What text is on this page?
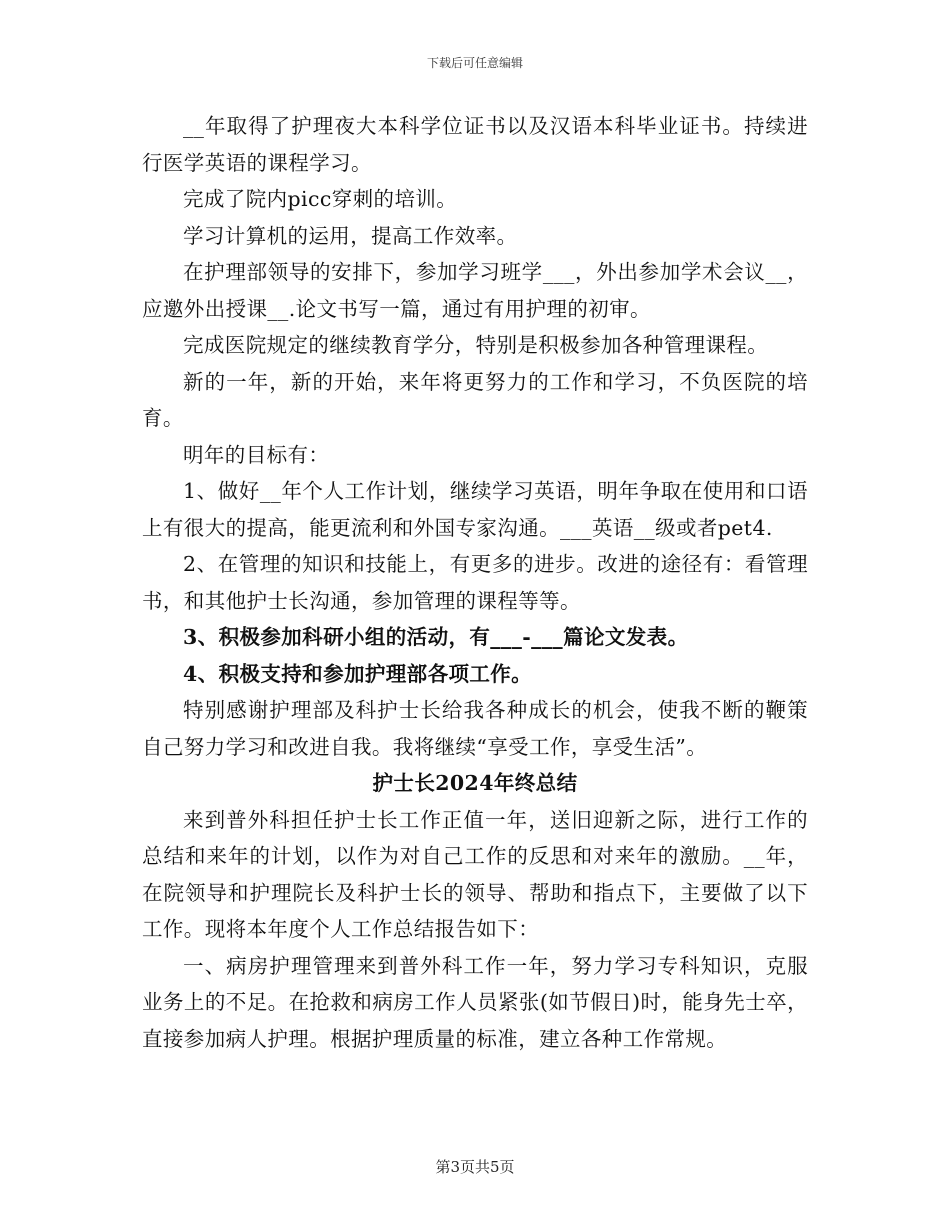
下载后可任意编辑

__年取得了护理夜大本科学位证书以及汉语本科毕业证书。持续进行医学英语的课程学习。

完成了院内picc穿刺的培训。

学习计算机的运用，提高工作效率。

在护理部领导的安排下，参加学习班学___，外出参加学术会议__，应邀外出授课__.论文书写一篇，通过有用护理的初审。

完成医院规定的继续教育学分，特别是积极参加各种管理课程。

新的一年，新的开始，来年将更努力的工作和学习，不负医院的培育。

明年的目标有：

1、做好__年个人工作计划，继续学习英语，明年争取在使用和口语上有很大的提高，能更流利和外国专家沟通。___英语__级或者pet4.

2、在管理的知识和技能上，有更多的进步。改进的途径有：看管理书，和其他护士长沟通，参加管理的课程等等。

3、积极参加科研小组的活动，有___-___篇论文发表。

4、积极支持和参加护理部各项工作。

特别感谢护理部及科护士长给我各种成长的机会，使我不断的鞭策自己努力学习和改进自我。我将继续“享受工作，享受生活”。

护士长2024年终总结

来到普外科担任护士长工作正值一年，送旧迎新之际，进行工作的总结和来年的计划，以作为对自己工作的反思和对来年的激励。__年，在院领导和护理院长及科护士长的领导、帮助和指点下，主要做了以下工作。现将本年度个人工作总结报告如下：

一、病房护理管理来到普外科工作一年，努力学习专科知识，克服业务上的不足。在抢救和病房工作人员紧张(如节假日)时，能身先士卒，直接参加病人护理。根据护理质量的标准，建立各种工作常规。

第3页共5页
